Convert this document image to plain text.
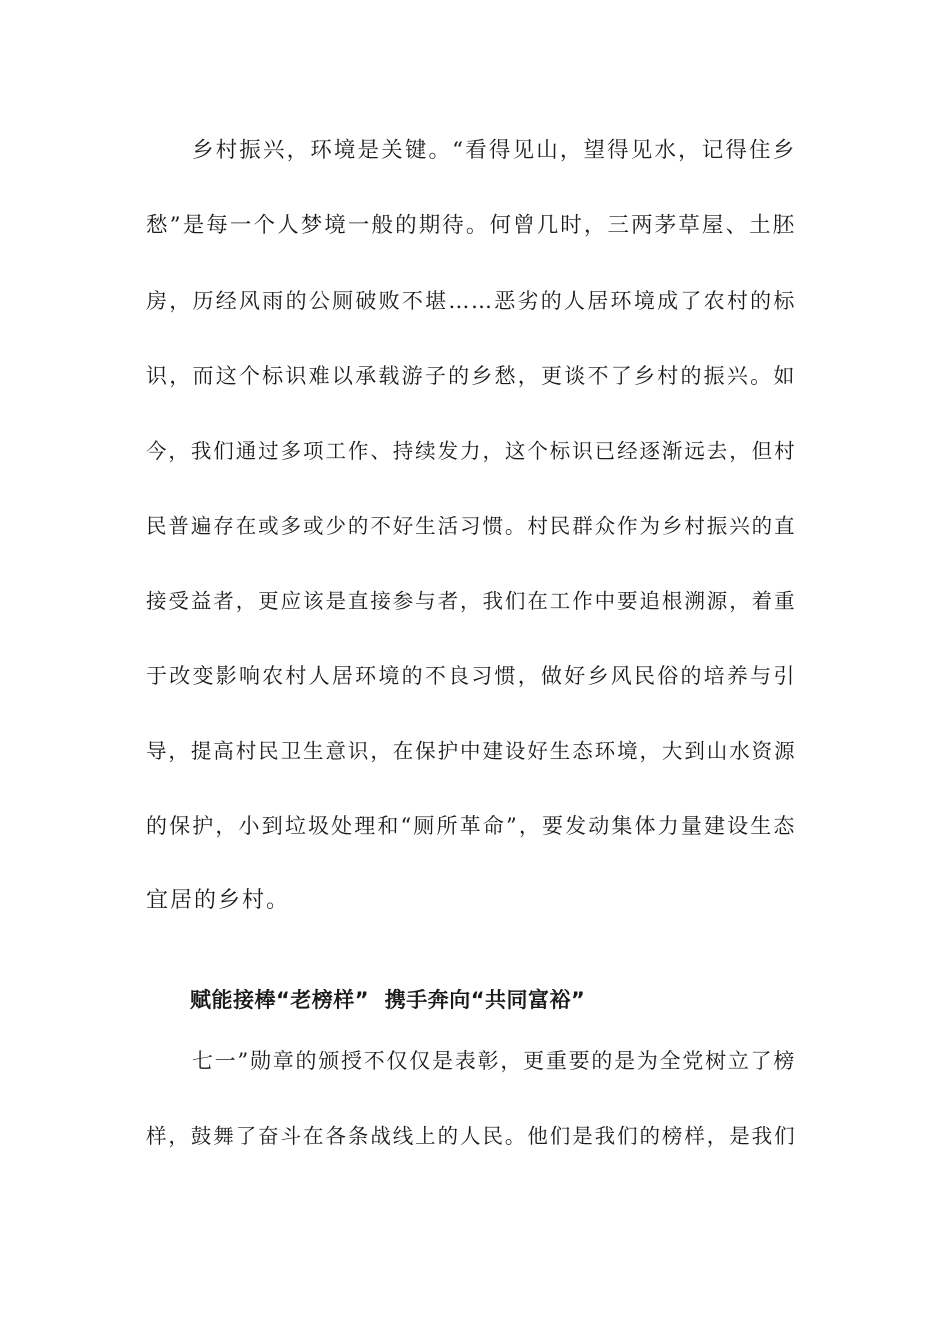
乡村振兴，环境是关键。“看得见山，望得见水，记得住乡
愁”是每一个人梦境一般的期待。何曾几时，三两茅草屋、土胚
房，历经风雨的公厕破败不堪……恶劣的人居环境成了农村的标
识，而这个标识难以承载游子的乡愁，更谈不了乡村的振兴。如
今，我们通过多项工作、持续发力，这个标识已经逐渐远去，但村
民普遍存在或多或少的不好生活习惯。村民群众作为乡村振兴的直
接受益者，更应该是直接参与者，我们在工作中要追根溯源，着重
于改变影响农村人居环境的不良习惯，做好乡风民俗的培养与引
导，提高村民卫生意识，在保护中建设好生态环境，大到山水资源
的保护，小到垃圾处理和“厕所革命”，要发动集体力量建设生态
宜居的乡村。
赋能接棒“老榜样”  携手奔向“共同富裕”
七一”勋章的颁授不仅仅是表彰，更重要的是为全党树立了榜
样，鼓舞了奋斗在各条战线上的人民。他们是我们的榜样，是我们
